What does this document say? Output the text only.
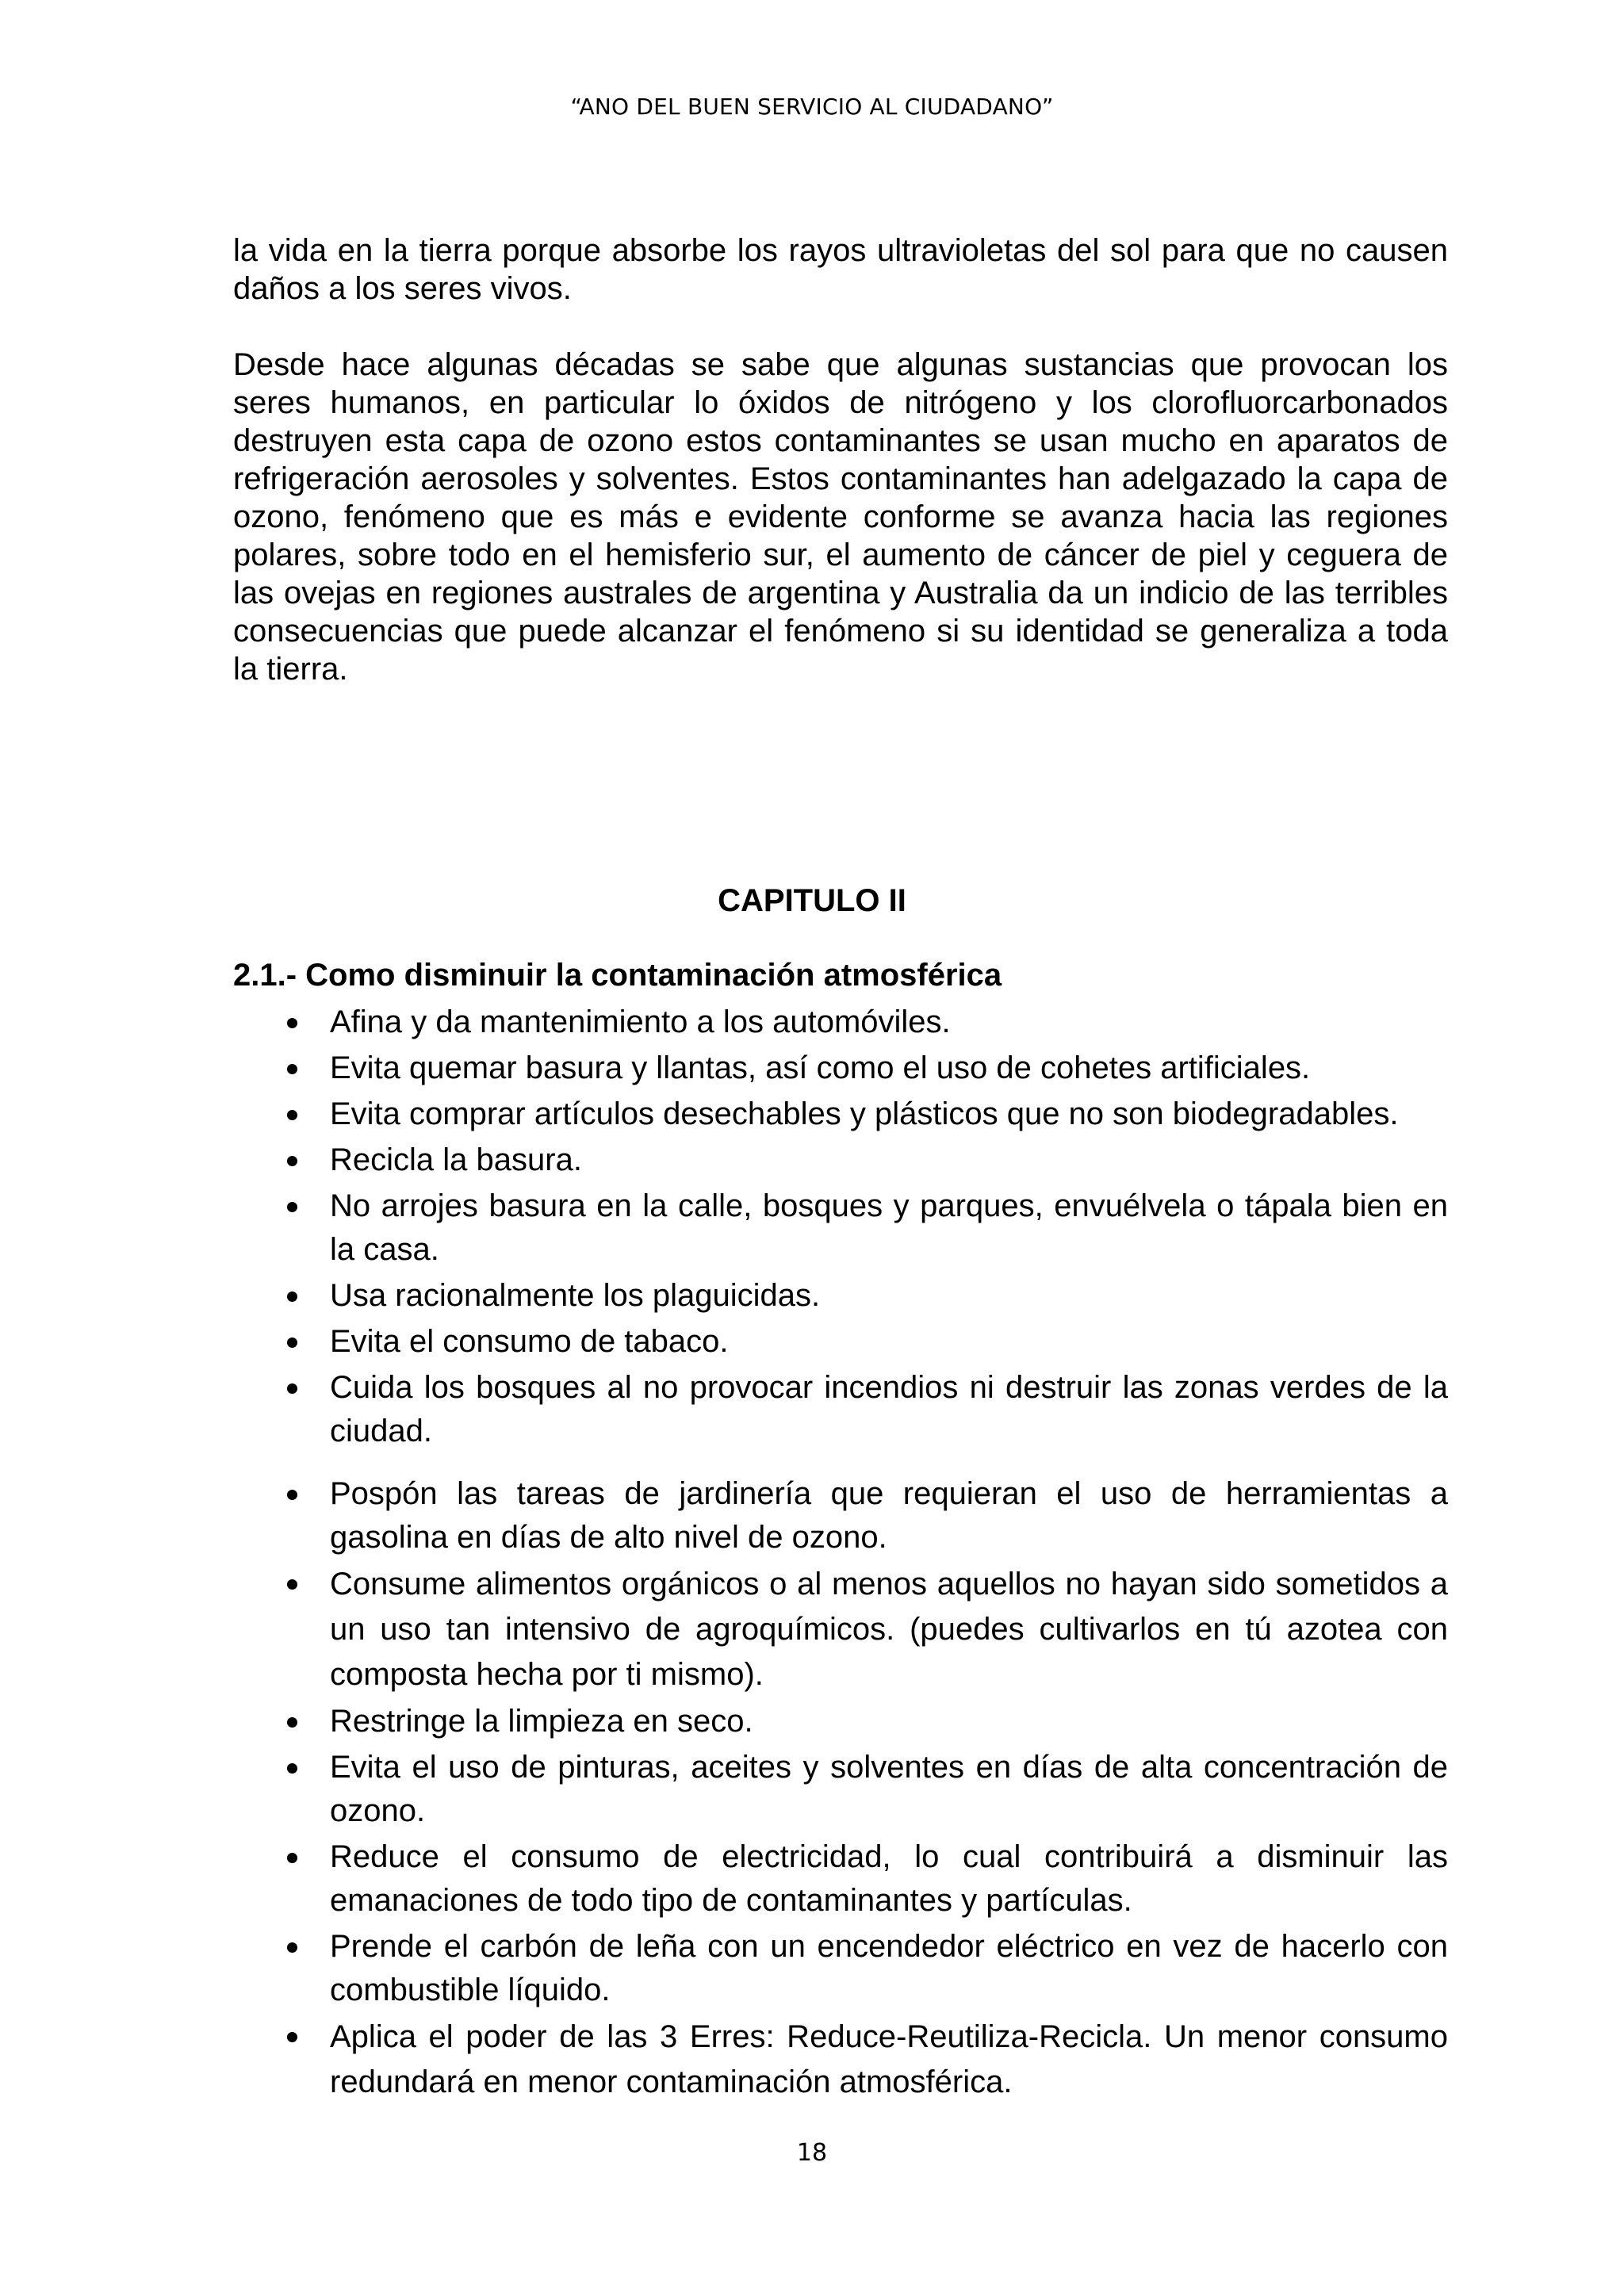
“ANO DEL BUEN SERVICIO AL CIUDADANO”
la vida en la tierra porque absorbe los rayos ultravioletas del sol para que no causen daños a los seres vivos.
Desde hace algunas décadas se sabe que algunas sustancias que provocan los seres humanos, en particular lo óxidos de nitrógeno y los clorofluorcarbonados destruyen esta capa de ozono estos contaminantes se usan mucho en aparatos de refrigeración aerosoles y solventes. Estos contaminantes han adelgazado la capa de ozono, fenómeno que es más e evidente conforme se avanza hacia las regiones polares, sobre todo en el hemisferio sur, el aumento de cáncer de piel y ceguera de las ovejas en regiones australes de argentina y Australia da un indicio de las terribles consecuencias que puede alcanzar el fenómeno si su identidad se generaliza a toda la tierra.
CAPITULO II
2.1.- Como disminuir la contaminación atmosférica
Afina y da mantenimiento a los automóviles.
Evita quemar basura y llantas, así como el uso de cohetes artificiales.
Evita comprar artículos desechables y plásticos que no son biodegradables.
Recicla la basura.
No arrojes basura en la calle, bosques y parques, envuélvela o tápala bien en la casa.
Usa racionalmente los plaguicidas.
Evita el consumo de tabaco.
Cuida los bosques al no provocar incendios ni destruir las zonas verdes de la ciudad.
Pospón las tareas de jardinería que requieran el uso de herramientas a gasolina en días de alto nivel de ozono.
Consume alimentos orgánicos o al menos aquellos no hayan sido sometidos a un uso tan intensivo de agroquímicos. (puedes cultivarlos en tú azotea con composta hecha por ti mismo).
Restringe la limpieza en seco.
Evita el uso de pinturas, aceites y solventes en días de alta concentración de ozono.
Reduce el consumo de electricidad, lo cual contribuirá a disminuir las emanaciones de todo tipo de contaminantes y partículas.
Prende el carbón de leña con un encendedor eléctrico en vez de hacerlo con combustible líquido.
Aplica el poder de las 3 Erres: Reduce-Reutiliza-Recicla. Un menor consumo redundará en menor contaminación atmosférica.
18
